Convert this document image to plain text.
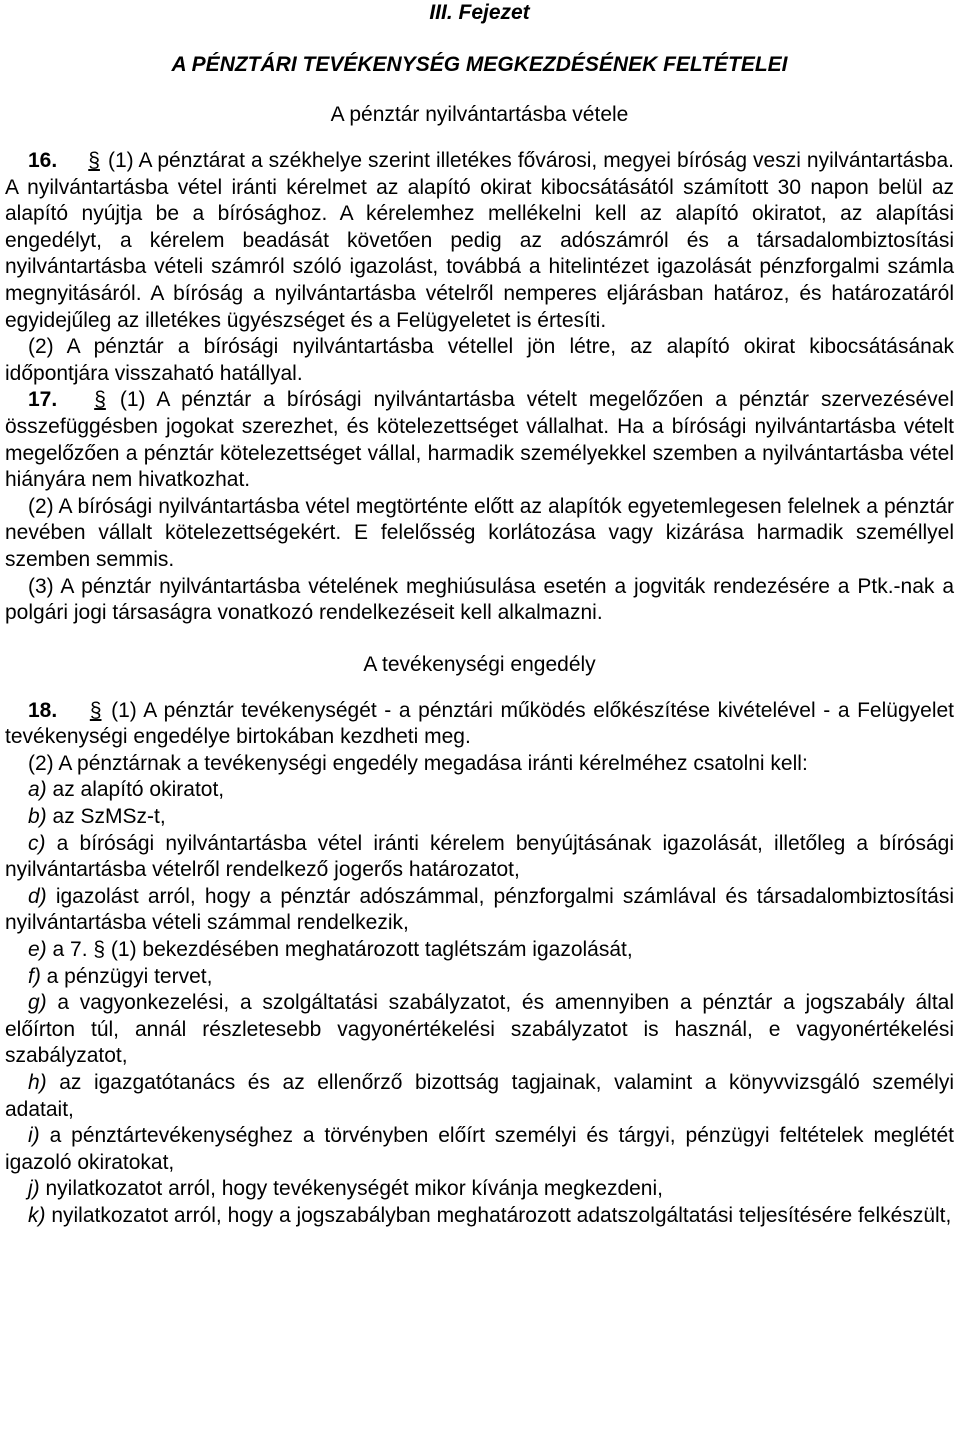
III. Fejezet
A PÉNZTÁRI TEVÉKENYSÉG MEGKEZDÉSÉNEK FELTÉTELEI
A pénztár nyilvántartásba vétele

16. § (1) A pénztárat a székhelye szerint illetékes fővárosi, megyei bíróság veszi nyilvántartásba. A nyilvántartásba vétel iránti kérelmet az alapító okirat kibocsátásától számított 30 napon belül az alapító nyújtja be a bírósághoz. A kérelemhez mellékelni kell az alapító okiratot, az alapítási engedélyt, a kérelem beadását követően pedig az adószámról és a társadalombiztosítási nyilvántartásba vételi számról szóló igazolást, továbbá a hitelintézet igazolását pénzforgalmi számla megnyitásáról. A bíróság a nyilvántartásba vételről nemperes eljárásban határoz, és határozatáról egyidejűleg az illetékes ügyészséget és a Felügyeletet is értesíti.

(2) A pénztár a bírósági nyilvántartásba vétellel jön létre, az alapító okirat kibocsátásának időpontjára visszaható hatállyal.

17. § (1) A pénztár a bírósági nyilvántartásba vételt megelőzően a pénztár szervezésével összefüggésben jogokat szerezhet, és kötelezettséget vállalhat. Ha a bírósági nyilvántartásba vételt megelőzően a pénztár kötelezettséget vállal, harmadik személyekkel szemben a nyilvántartásba vétel hiányára nem hivatkozhat.

(2) A bírósági nyilvántartásba vétel megtörténte előtt az alapítók egyetemlegesen felelnek a pénztár nevében vállalt kötelezettségekért. E felelősség korlátozása vagy kizárása harmadik személlyel szemben semmis.

(3) A pénztár nyilvántartásba vételének meghiúsulása esetén a jogviták rendezésére a Ptk.-nak a polgári jogi társaságra vonatkozó rendelkezéseit kell alkalmazni.

A tevékenységi engedély

18. § (1) A pénztár tevékenységét - a pénztári működés előkészítése kivételével - a Felügyelet tevékenységi engedélye birtokában kezdheti meg.

(2) A pénztárnak a tevékenységi engedély megadása iránti kérelméhez csatolni kell:

a) az alapító okiratot,

b) az SzMSz-t,

c) a bírósági nyilvántartásba vétel iránti kérelem benyújtásának igazolását, illetőleg a bírósági nyilvántartásba vételről rendelkező jogerős határozatot,

d) igazolást arról, hogy a pénztár adószámmal, pénzforgalmi számlával és társadalombiztosítási nyilvántartásba vételi számmal rendelkezik,

e) a 7. § (1) bekezdésében meghatározott taglétszám igazolását,

f) a pénzügyi tervet,

g) a vagyonkezelési, a szolgáltatási szabályzatot, és amennyiben a pénztár a jogszabály által előírton túl, annál részletesebb vagyonértékelési szabályzatot is használ, e vagyonértékelési szabályzatot,

h) az igazgatótanács és az ellenőrző bizottság tagjainak, valamint a könyvvizsgáló személyi adatait,

i) a pénztártevékenységhez a törvényben előírt személyi és tárgyi, pénzügyi feltételek meglétét igazoló okiratokat,

j) nyilatkozatot arról, hogy tevékenységét mikor kívánja megkezdeni,

k) nyilatkozatot arról, hogy a jogszabályban meghatározott adatszolgáltatási teljesítésére felkészült,
